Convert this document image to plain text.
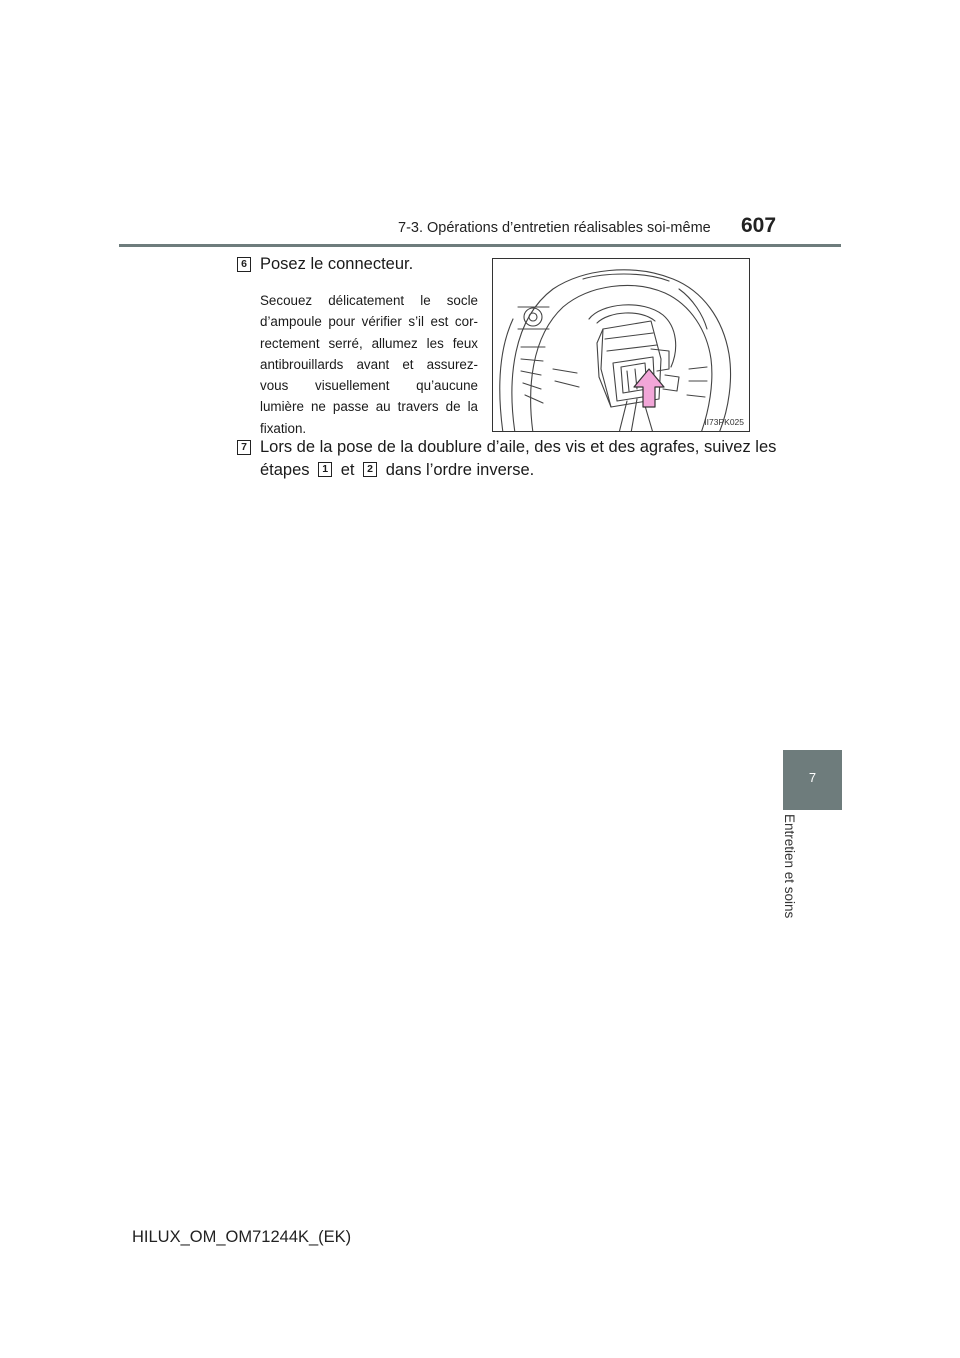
7-3. Opérations d’entretien réalisables soi-même 607
7
Entretien et soins
6 Posez le connecteur.
Secouez délicatement le socle d’ampoule pour vérifier s’il est cor-rectement serré, allumez les feux antibrouillards avant et assurez-vous visuellement qu’aucune lumière ne passe au travers de la fixation.	II73PK025
7 Lors de la pose de la doublure d’aile, des vis et des agrafes, suivez les
étapes 1 et 2 dans l’ordre inverse.
HILUX_OM_OM71244K_(EK)
